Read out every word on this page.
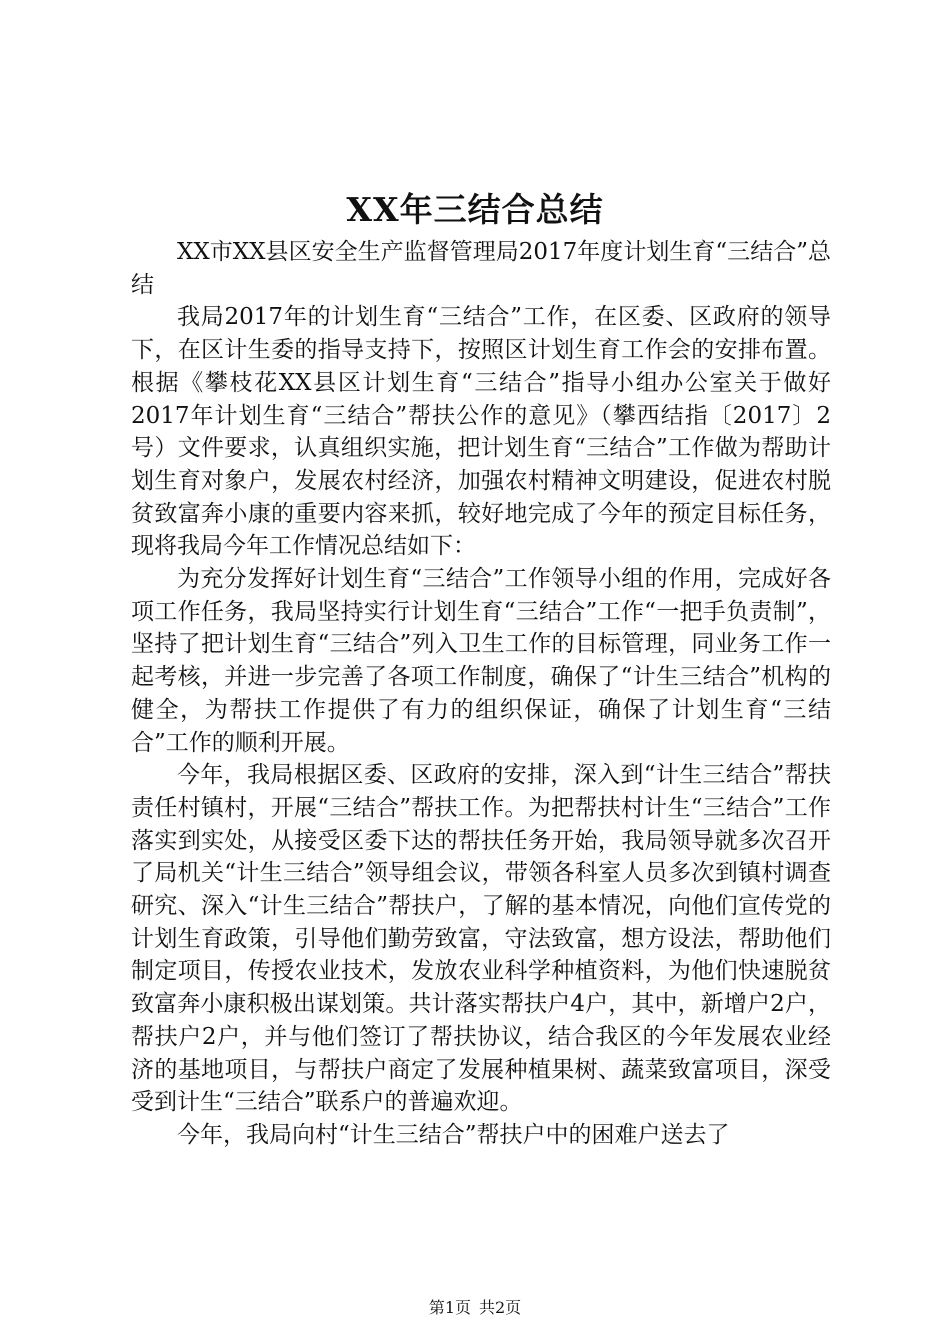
XX年三结合总结

XX市XX县区安全生产监督管理局2017年度计划生育“三结合”总结

我局2017年的计划生育“三结合”工作，在区委、区政府的领导下，在区计生委的指导支持下，按照区计划生育工作会的安排布置。根据《攀枝花XX县区计划生育“三结合”指导小组办公室关于做好2017年计划生育“三结合”帮扶公作的意见》（攀西结指〔2017〕2号）文件要求，认真组织实施，把计划生育“三结合”工作做为帮助计划生育对象户，发展农村经济，加强农村精神文明建设，促进农村脱贫致富奔小康的重要内容来抓，较好地完成了今年的预定目标任务，现将我局今年工作情况总结如下：

为充分发挥好计划生育“三结合”工作领导小组的作用，完成好各项工作任务，我局坚持实行计划生育“三结合”工作“一把手负责制”，坚持了把计划生育“三结合”列入卫生工作的目标管理，同业务工作一起考核，并进一步完善了各项工作制度，确保了“计生三结合”机构的健全，为帮扶工作提供了有力的组织保证，确保了计划生育“三结合”工作的顺利开展。

今年，我局根据区委、区政府的安排，深入到“计生三结合”帮扶责任村镇村，开展“三结合”帮扶工作。为把帮扶村计生“三结合”工作落实到实处，从接受区委下达的帮扶任务开始，我局领导就多次召开了局机关“计生三结合”领导组会议，带领各科室人员多次到镇村调查研究、深入“计生三结合”帮扶户，了解的基本情况，向他们宣传党的计划生育政策，引导他们勤劳致富，守法致富，想方设法，帮助他们制定项目，传授农业技术，发放农业科学种植资料，为他们快速脱贫致富奔小康积极出谋划策。共计落实帮扶户4户，其中，新增户2户，帮扶户2户，并与他们签订了帮扶协议，结合我区的今年发展农业经济的基地项目，与帮扶户商定了发展种植果树、蔬菜致富项目，深受受到计生“三结合”联系户的普遍欢迎。

今年，我局向村“计生三结合”帮扶户中的困难户送去了

第1页 共2页
